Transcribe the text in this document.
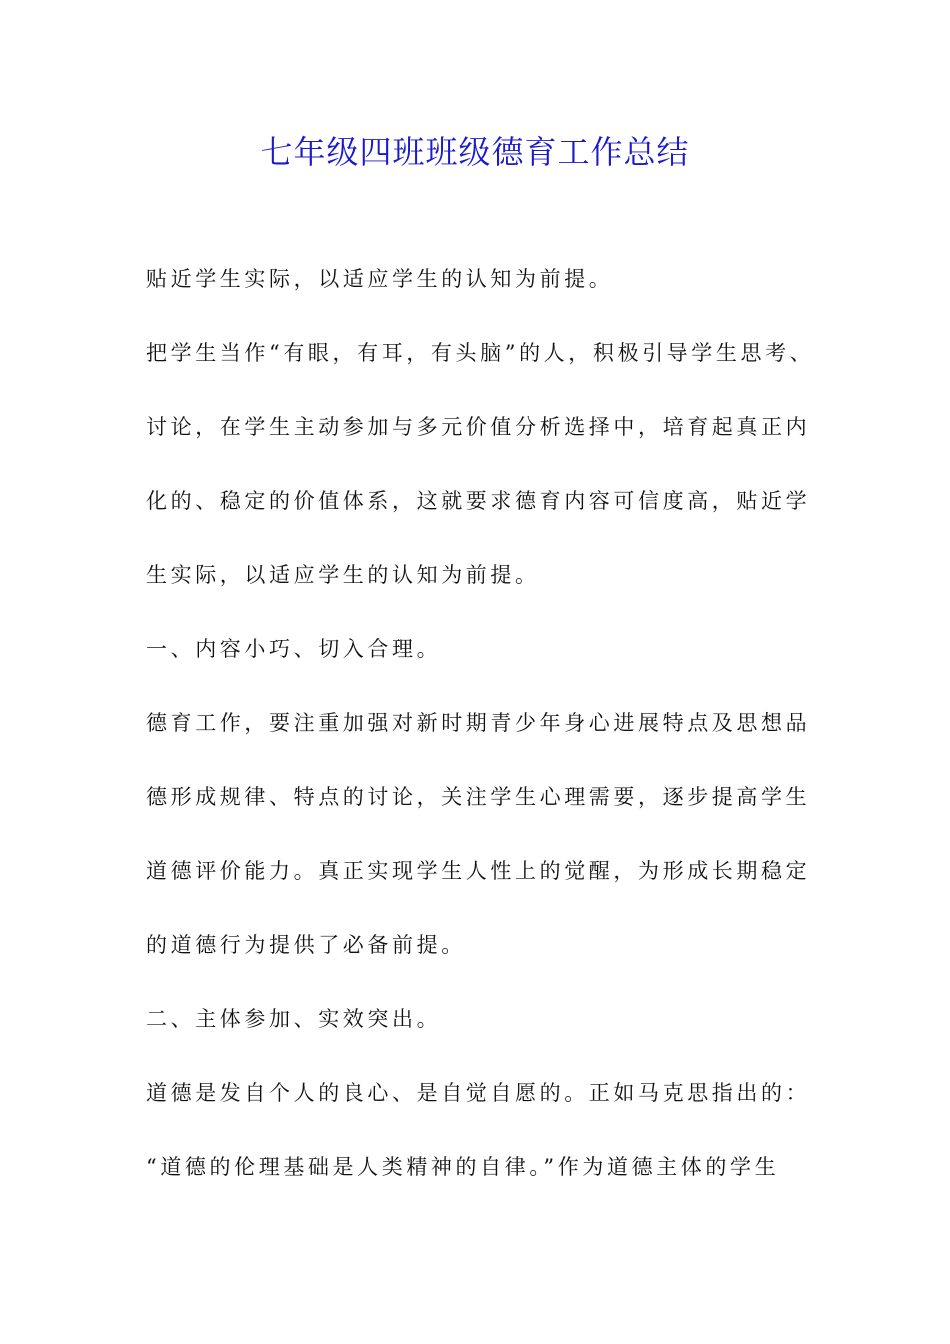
七年级四班班级德育工作总结
贴近学生实际，以适应学生的认知为前提。
把学生当作“有眼，有耳，有头脑”的人，积极引导学生思考、
讨论，在学生主动参加与多元价值分析选择中，培育起真正内
化的、稳定的价值体系，这就要求德育内容可信度高，贴近学
生实际，以适应学生的认知为前提。
一、内容小巧、切入合理。
德育工作，要注重加强对新时期青少年身心进展特点及思想品
德形成规律、特点的讨论，关注学生心理需要，逐步提高学生
道德评价能力。真正实现学生人性上的觉醒，为形成长期稳定
的道德行为提供了必备前提。
二、主体参加、实效突出。
道德是发自个人的良心、是自觉自愿的。正如马克思指出的：
“道德的伦理基础是人类精神的自律。”作为道德主体的学生
